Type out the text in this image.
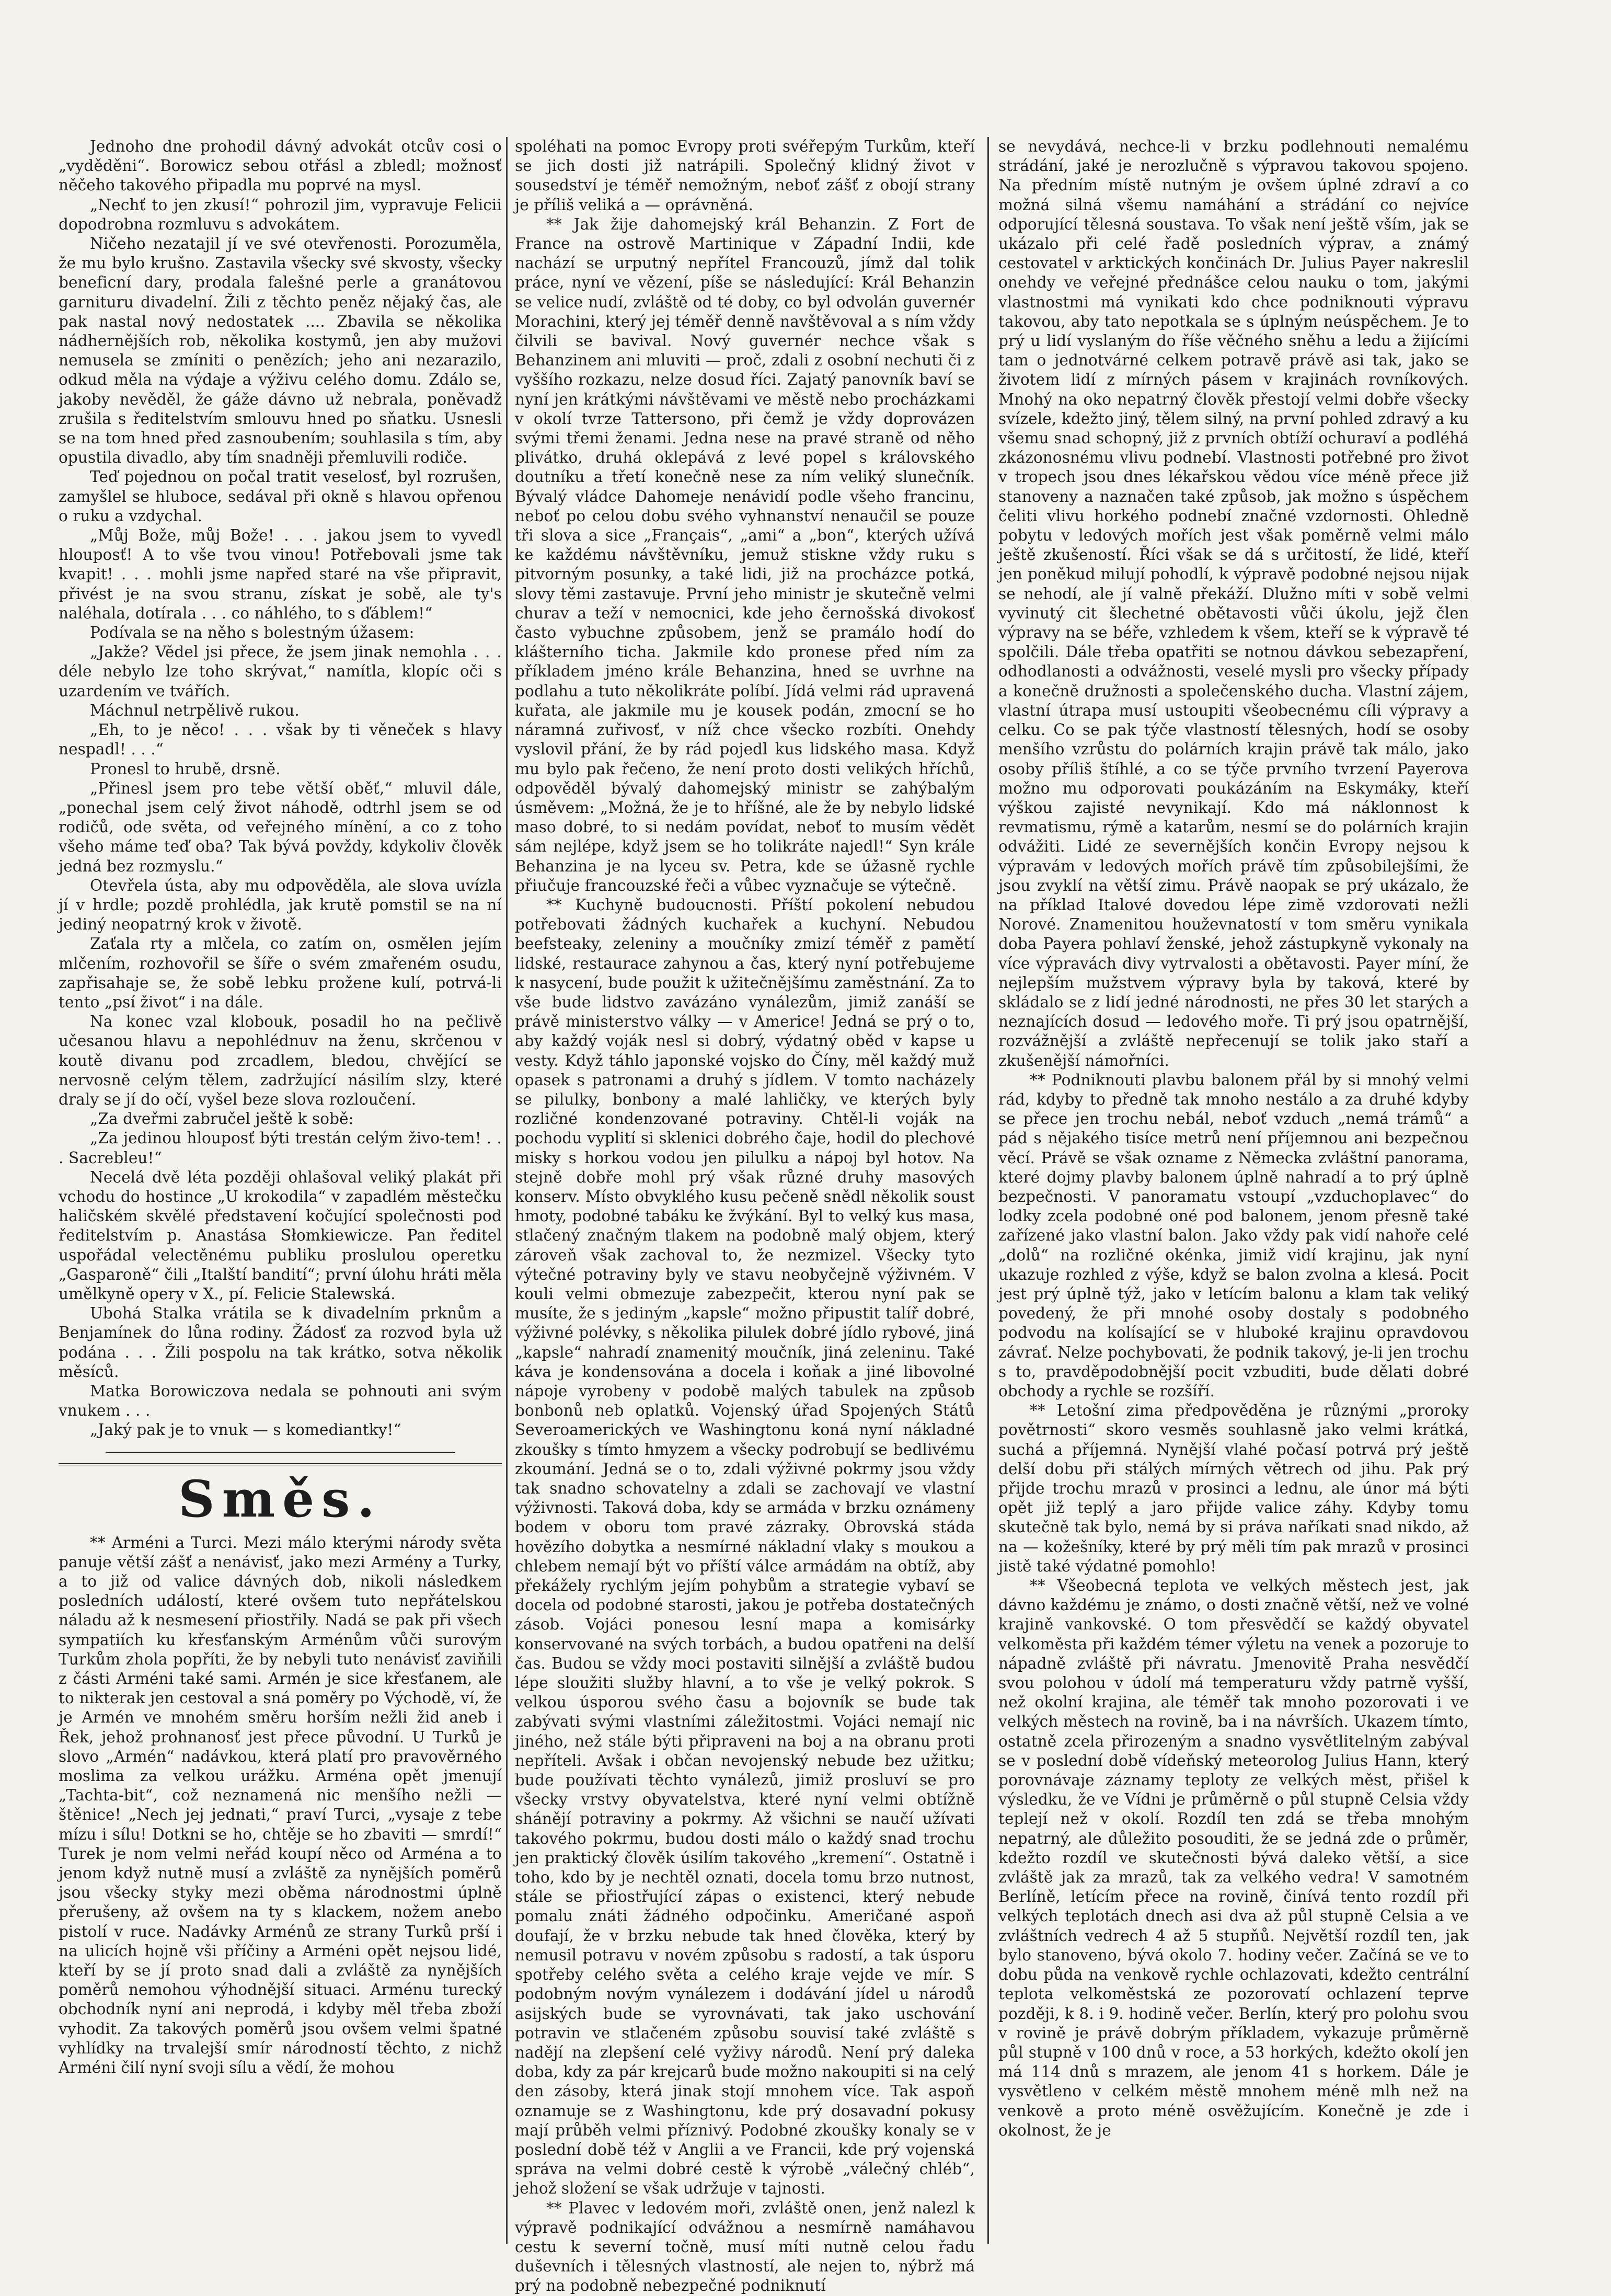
Jednoho dne prohodil dávný advokát otcův cosi o „vyděděni“. Borowicz sebou otřásl a zbledl; možnosť něčeho takového připadla mu poprvé na mysl.

„Nechť to jen zkusí!“ pohrozil jim, vypravuje Felicii dopodrobna rozmluvu s advokátem.

Ničeho nezatajil jí ve své otevřenosti. Porozuměla, že mu bylo krušno. Zastavila všecky své skvosty, všecky beneficní dary, prodala falešné perle a granátovou garnituru divadelní. Žili z těchto peněz nějaký čas, ale pak nastal nový nedostatek .... Zbavila se několika nádhernějších rob, několika kostymů, jen aby mužovi nemusela se zmíniti o penězích; jeho ani nezarazilo, odkud měla na výdaje a výživu celého domu. Zdálo se, jakoby nevěděl, že gáže dávno už nebrala, poněvadž zrušila s ředitelstvím smlouvu hned po sňatku. Usnesli se na tom hned před zasnoubením; souhlasila s tím, aby opustila divadlo, aby tím snadněji přemluvili rodiče.

Teď pojednou on počal tratit veselosť, byl rozrušen, zamyšlel se hluboce, sedával při okně s hlavou opřenou o ruku a vzdychal.

„Můj Bože, můj Bože! . . . jakou jsem to vyvedl hlouposť! A to vše tvou vinou! Potřebovali jsme tak kvapit! . . . mohli jsme napřed staré na vše připravit, přivést je na svou stranu, získat je sobě, ale ty's naléhala, dotírala . . . co náhlého, to s ďáblem!“

Podívala se na něho s bolestným úžasem:

„Jakže? Vědel jsi přece, že jsem jinak nemohla . . . déle nebylo lze toho skrývat,“ namítla, klopíc oči s uzardením ve tvářích.

Máchnul netrpělivě rukou.

„Eh, to je něco! . . . však by ti věneček s hlavy nespadl! . . .“

Pronesl to hrubě, drsně.

„Přinesl jsem pro tebe větší oběť,“ mluvil dále, „ponechal jsem celý život náhodě, odtrhl jsem se od rodičů, ode světa, od veřejného mínění, a co z toho všeho máme teď oba? Tak bývá povždy, kdykoliv člověk jedná bez rozmyslu.“

Otevřela ústa, aby mu odpověděla, ale slova uvízla jí v hrdle; pozdě prohlédla, jak krutě pomstil se na ní jediný neopatrný krok v životě.

Zaťala rty a mlčela, co zatím on, osmělen jejím mlčením, rozhovořil se šíře o svém zmařeném osudu, zapřisahaje se, že sobě lebku prožene kulí, potrvá-li tento „psí život“ i na dále.

Na konec vzal klobouk, posadil ho na pečlivě učesanou hlavu a nepohlédnuv na ženu, skrčenou v koutě divanu pod zrcadlem, bledou, chvějící se nervosně celým tělem, zadržující násilím slzy, které draly se jí do očí, vyšel beze slova rozloučení.

„Za dveřmi zabručel ještě k sobě:

„Za jedinou hlouposť býti trestán celým živo-tem! . . . Sacrebleu!“

Necelá dvě léta později ohlašoval veliký plakát při vchodu do hostince „U krokodila“ v zapadlém městečku haličském skvělé představení kočující společnosti pod ředitelstvím p. Anastása Słomkiewicze. Pan ředitel uspořádal velectěnému publiku proslulou operetku „Gasparoně“ čili „Italští bandití“; první úlohu hráti měla umělkyně opery v X., pí. Felicie Stalewská.

Ubohá Stalka vrátila se k divadelním prknům a Benjamínek do lůna rodiny. Žádosť za rozvod byla už podána . . . Žili pospolu na tak krátko, sotva několik měsíců.

Matka Borowiczova nedala se pohnouti ani svým vnukem . . .

„Jaký pak je to vnuk — s komediantky!“

Směs.

** Arméni a Turci. Mezi málo kterými národy světa panuje větší zášť a nenávisť, jako mezi Armény a Turky, a to již od valice dávných dob, nikoli následkem posledních událostí, které ovšem tuto nepřátelskou náladu až k nesmesení přiostřily. Nadá se pak při všech sympatiích ku křesťanským Arménům vůči surovým Turkům zhola popříti, že by nebyli tuto nenávisť zaviňili z části Arméni také sami. Armén je sice křesťanem, ale to nikterak jen cestoval a sná poměry po Východě, ví, že je Armén ve mnohém směru horším nežli žid aneb i Řek, jehož prohnanosť jest přece původní. U Turků je slovo „Armén“ nadávkou, která platí pro pravověrného moslima za velkou urážku. Arména opět jmenují „Tachta-bit“, což neznamená nic menšího nežli — štěnice! „Nech jej jednati,“ praví Turci, „vysaje z tebe mízu i sílu! Dotkni se ho, chtěje se ho zbaviti — smrdí!“ Turek je nom velmi neřád koupí něco od Arména a to jenom když nutně musí a zvláště za nynějších poměrů jsou všecky styky mezi oběma národnostmi úplně přerušeny, až ovšem na ty s klackem, nožem anebo pistolí v ruce. Nadávky Arménů ze strany Turků prší i na ulicích hojně vši příčiny a Arméni opět nejsou lidé, kteří by se jí proto snad dali a zvláště za nynějších poměrů nemohou výhodnější situaci. Arménu turecký obchodník nyní ani neprodá, i kdyby měl třeba zboží vyhodit. Za takových poměrů jsou ovšem velmi špatné vyhlídky na trvalejší smír národností těchto, z nichž Arméni čilí nyní svoji sílu a vědí, že mohou

spoléhati na pomoc Evropy proti svéřepým Turkům, kteří se jich dosti již natrápili. Společný klidný život v sousedství je téměř nemožným, neboť zášť z obojí strany je příliš veliká a — oprávněná.

** Jak žije dahomejský král Behanzin. Z Fort de France na ostrově Martinique v Západní Indii, kde nachází se urputný nepřítel Francouzů, jímž dal tolik práce, nyní ve vězení, píše se následující: Král Behanzin se velice nudí, zvláště od té doby, co byl odvolán guvernér Morachini, který jej téměř denně navštěvoval a s ním vždy čilvili se bavival. Nový guvernér nechce však s Behanzinem ani mluviti — proč, zdali z osobní nechuti či z vyššího rozkazu, nelze dosud říci. Zajatý panovník baví se nyní jen krátkými návštěvami ve městě nebo procházkami v okolí tvrze Tattersono, při čemž je vždy doprovázen svými třemi ženami. Jedna nese na pravé straně od něho plivátko, druhá oklepává z levé popel s královského doutníku a třetí konečně nese za ním veliký slunečník. Bývalý vládce Dahomeje nenávidí podle všeho francinu, neboť po celou dobu svého vyhnanství nenaučil se pouze tři slova a sice „Français“, „ami“ a „bon“, kterých užívá ke každému návštěvníku, jemuž stiskne vždy ruku s pitvorným posunky, a také lidi, již na procházce potká, slovy těmi zastavuje. První jeho ministr je skutečně velmi churav a teží v nemocnici, kde jeho černošská divokosť často vybuchne způsobem, jenž se pramálo hodí do klášterního ticha. Jakmile kdo pronese před ním za příkladem jméno krále Behanzina, hned se uvrhne na podlahu a tuto několikráte políbí. Jídá velmi rád upravená kuřata, ale jakmile mu je kousek podán, zmocní se ho náramná zuřivosť, v níž chce všecko rozbíti. Onehdy vyslovil přání, že by rád pojedl kus lidského masa. Když mu bylo pak řečeno, že není proto dosti velikých hříchů, odpověděl bývalý dahomejský ministr se zahýbalým úsměvem: „Možná, že je to hříšné, ale že by nebylo lidské maso dobré, to si nedám povídat, neboť to musím vědět sám nejlépe, když jsem se ho tolikráte najedl!“ Syn krále Behanzina je na lyceu sv. Petra, kde se úžasně rychle přiučuje francouzské řeči a vůbec vyznačuje se výtečně.

** Kuchyně budoucnosti. Příští pokolení nebudou potřebovati žádných kuchařek a kuchyní. Nebudou beefsteaky, zeleniny a moučníky zmizí téměř z pamětí lidské, restaurace zahynou a čas, který nyní potřebujeme k nasycení, bude použit k užitečnějšímu zaměstnání. Za to vše bude lidstvo zavázáno vynálezům, jimiž zanáší se právě ministerstvo války — v Americe! Jedná se prý o to, aby každý voják nesl si dobrý, výdatný oběd v kapse u vesty. Když táhlo japonské vojsko do Číny, měl každý muž opasek s patronami a druhý s jídlem. V tomto nacházely se pilulky, bonbony a malé lahličky, ve kterých byly rozličné kondenzované potraviny. Chtěl-li voják na pochodu vyplití si sklenici dobrého čaje, hodil do plechové misky s horkou vodou jen pilulku a nápoj byl hotov. Na stejně dobře mohl prý však různé druhy masových konserv. Místo obvyklého kusu pečeně snědl několik soust hmoty, podobné tabáku ke žvýkání. Byl to velký kus masa, stlačený značným tlakem na podobně malý objem, který zároveň však zachoval to, že nezmizel. Všecky tyto výtečné potraviny byly ve stavu neobyčejně výživném. V kouli velmi obmezuje zabezpečit, kterou nyní pak se musíte, že s jediným „kapsle“ možno připustit talíř dobré, výživné polévky, s několika pilulek dobré jídlo rybové, jiná „kapsle“ nahradí znamenitý moučník, jiná zeleninu. Také káva je kondensována a docela i koňak a jiné libovolné nápoje vyrobeny v podobě malých tabulek na způsob bonbonů neb oplatků. Vojenský úřad Spojených Států Severoamerických ve Washingtonu koná nyní nákladné zkoušky s tímto hmyzem a všecky podrobují se bedlivému zkoumání. Jedná se o to, zdali výživné pokrmy jsou vždy tak snadno schovatelny a zdali se zachovají ve vlastní výživnosti. Taková doba, kdy se armáda v brzku oznámeny bodem v oboru tom pravé zázraky. Obrovská stáda hovězího dobytka a nesmírné nákladní vlaky s moukou a chlebem nemají být vo příští válce armádám na obtíž, aby překážely rychlým jejím pohybům a strategie vybaví se docela od podobné starosti, jakou je potřeba dostatečných zásob. Vojáci ponesou lesní mapa a komisárky konservované na svých torbách, a budou opatřeni na delší čas. Budou se vždy moci postaviti silnější a zvláště budou lépe sloužiti služby hlavní, a to vše je velký pokrok. S velkou úsporou svého času a bojovník se bude tak zabývati svými vlastními záležitostmi. Vojáci nemají nic jiného, než stále býti připraveni na boj a na obranu proti nepříteli. Avšak i občan nevojenský nebude bez užitku; bude používati těchto vynálezů, jimiž prosluví se pro všecky vrstvy obyvatelstva, které nyní velmi obtížně shánějí potraviny a pokrmy. Až všichni se naučí užívati takového pokrmu, budou dosti málo o každý snad trochu jen praktický člověk úsilím takového „kremení“. Ostatně i toho, kdo by je nechtěl oznati, docela tomu brzo nutnost, stále se přiostřující zápas o existenci, který nebude pomalu znáti žádného odpočinku. Američané aspoň doufají, že v brzku nebude tak hned člověka, který by nemusil potravu v novém způsobu s radostí, a tak úsporu spotřeby celého světa a celého kraje vejde ve mír. S podobným novým vynálezem i dodávání jídel u národů asijských bude se vyrovnávati, tak jako uschování potravin ve stlačeném způsobu souvisí také zvláště s nadějí na zlepšení celé vyživy národů. Není prý daleka doba, kdy za pár krejcarů bude možno nakoupiti si na celý den zásoby, která jinak stojí mnohem více. Tak aspoň oznamuje se z Washingtonu, kde prý dosavadní pokusy mají průběh velmi příznivý. Podobné zkoušky konaly se v poslední době též v Anglii a ve Francii, kde prý vojenská správa na velmi dobré cestě k výrobě „válečný chléb“, jehož složení se však udržuje v tajnosti.

** Plavec v ledovém moři, zvláště onen, jenž nalezl k výpravě podnikající odvážnou a nesmírně namáhavou cestu k severní točně, musí míti nutně celou řadu duševních i tělesných vlastností, ale nejen to, nýbrž má prý na podobně nebezpečné podniknutí

se nevydává, nechce-li v brzku podlehnouti nemalému strádání, jaké je nerozlučně s výpravou takovou spojeno. Na předním místě nutným je ovšem úplné zdraví a co možná silná všemu namáhání a strádání co nejvíce odporující tělesná soustava. To však není ještě vším, jak se ukázalo při celé řadě posledních výprav, a známý cestovatel v arktických končinách Dr. Julius Payer nakreslil onehdy ve veřejné přednášce celou nauku o tom, jakými vlastnostmi má vynikati kdo chce podniknouti výpravu takovou, aby tato nepotkala se s úplným neúspěchem. Je to prý u lidí vyslaným do říše věčného sněhu a ledu a žijícími tam o jednotvárné celkem potravě právě asi tak, jako se životem lidí z mírných pásem v krajinách rovníkových. Mnohý na oko nepatrný člověk přestojí velmi dobře všecky svízele, kdežto jiný, tělem silný, na první pohled zdravý a ku všemu snad schopný, již z prvních obtíží ochuraví a podléhá zkázonosnému vlivu podnebí. Vlastnosti potřebné pro život v tropech jsou dnes lékařskou vědou více méně přece již stanoveny a naznačen také způsob, jak možno s úspěchem čeliti vlivu horkého podnebí značné vzdornosti. Ohledně pobytu v ledových mořích jest však poměrně velmi málo ještě zkušeností. Říci však se dá s určitostí, že lidé, kteří jen poněkud milují pohodlí, k výpravě podobné nejsou nijak se nehodí, ale jí valně překáží. Dlužno míti v sobě velmi vyvinutý cit šlechetné obětavosti vůči úkolu, jejž člen výpravy na se béře, vzhledem k všem, kteří se k výpravě té spolčili. Dále třeba opatřiti se notnou dávkou sebezapření, odhodlanosti a odvážnosti, veselé mysli pro všecky případy a konečně družnosti a společenského ducha. Vlastní zájem, vlastní útrapa musí ustoupiti všeobecnému cíli výpravy a celku. Co se pak týče vlastností tělesných, hodí se osoby menšího vzrůstu do polárních krajin právě tak málo, jako osoby příliš štíhlé, a co se týče prvního tvrzení Payerova možno mu odporovati poukázáním na Eskymáky, kteří výškou zajisté nevynikají. Kdo má náklonnost k revmatismu, rýmě a katarům, nesmí se do polárních krajin odvážiti. Lidé ze severnějších končin Evropy nejsou k výpravám v ledových mořích právě tím způsobilejšími, že jsou zvyklí na větší zimu. Právě naopak se prý ukázalo, že na příklad Italové dovedou lépe zimě vzdorovati nežli Norové. Znamenitou houževnatostí v tom směru vynikala doba Payera pohlaví ženské, jehož zástupkyně vykonaly na více výpravách divy vytrvalosti a obětavosti. Payer míní, že nejlepším mužstvem výpravy byla by taková, které by skládalo se z lidí jedné národnosti, ne přes 30 let starých a neznajících dosud — ledového moře. Ti prý jsou opatrnější, rozvážnější a zvláště nepřecenují se tolik jako staří a zkušenější námořníci.

** Podniknouti plavbu balonem přál by si mnohý velmi rád, kdyby to předně tak mnoho nestálo a za druhé kdyby se přece jen trochu nebál, neboť vzduch „nemá trámů“ a pád s nějakého tisíce metrů není příjemnou ani bezpečnou věcí. Právě se však ozname z Německa zvláštní panorama, které dojmy plavby balonem úplně nahradí a to prý úplně bezpečnosti. V panoramatu vstoupí „vzduchoplavec“ do lodky zcela podobné oné pod balonem, jenom přesně také zařízené jako vlastní balon. Jako vždy pak vidí nahoře celé „dolů“ na rozličné okénka, jimiž vidí krajinu, jak nyní ukazuje rozhled z výše, když se balon zvolna a klesá. Pocit jest prý úplně týž, jako v letícím balonu a klam tak veliký povedený, že při mnohé osoby dostaly s podobného podvodu na kolísající se v hluboké krajinu opravdovou závrať. Nelze pochybovati, že podnik takový, je-li jen trochu s to, pravděpodobnější pocit vzbuditi, bude dělati dobré obchody a rychle se rozšíří.

** Letošní zima předpověděna je různými „proroky povětrnosti“ skoro vesměs souhlasně jako velmi krátká, suchá a příjemná. Nynější vlahé počasí potrvá prý ještě delší dobu při stálých mírných větrech od jihu. Pak prý přijde trochu mrazů v prosinci a lednu, ale únor má býti opět již teplý a jaro přijde valice záhy. Kdyby tomu skutečně tak bylo, nemá by si práva naříkati snad nikdo, až na — kožešníky, které by prý měli tím pak mrazů v prosinci jistě také výdatné pomohlo!

** Všeobecná teplota ve velkých městech jest, jak dávno každému je známo, o dosti značně větší, než ve volné krajině vankovské. O tom přesvědčí se každý obyvatel velkoměsta při každém témer výletu na venek a pozoruje to nápadně zvláště při návratu. Jmenovitě Praha nesvědčí svou polohou v údolí má temperaturu vždy patrně vyšší, než okolní krajina, ale téměř tak mnoho pozorovati i ve velkých městech na rovině, ba i na návrších. Ukazem tímto, ostatně zcela přirozeným a snadno vysvětlitelným zabýval se v poslední době vídeňský meteorolog Julius Hann, který porovnávaje záznamy teploty ze velkých měst, přišel k výsledku, že ve Vídni je průměrně o půl stupně Celsia vždy teplejí než v okolí. Rozdíl ten zdá se třeba mnohým nepatrný, ale důležito posouditi, že se jedná zde o průměr, kdežto rozdíl ve skutečnosti bývá daleko větší, a sice zvláště jak za mrazů, tak za velkého vedra! V samotném Berlíně, letícím přece na rovině, činívá tento rozdíl při velkých teplotách dnech asi dva až půl stupně Celsia a ve zvláštních vedrech 4 až 5 stupňů. Největší rozdíl ten, jak bylo stanoveno, bývá okolo 7. hodiny večer. Začíná se ve to dobu půda na venkově rychle ochlazovati, kdežto centrální teplota velkoměstská ze pozorovatí ochlazení teprve později, k 8. i 9. hodině večer. Berlín, který pro polohu svou v rovině je právě dobrým příkladem, vykazuje průměrně půl stupně v 100 dnů v roce, a 53 horkých, kdežto okolí jen má 114 dnů s mrazem, ale jenom 41 s horkem. Dále je vysvětleno v celkém městě mnohem méně mlh než na venkově a proto méně osvěžujícím. Konečně je zde i okolnost, že je
